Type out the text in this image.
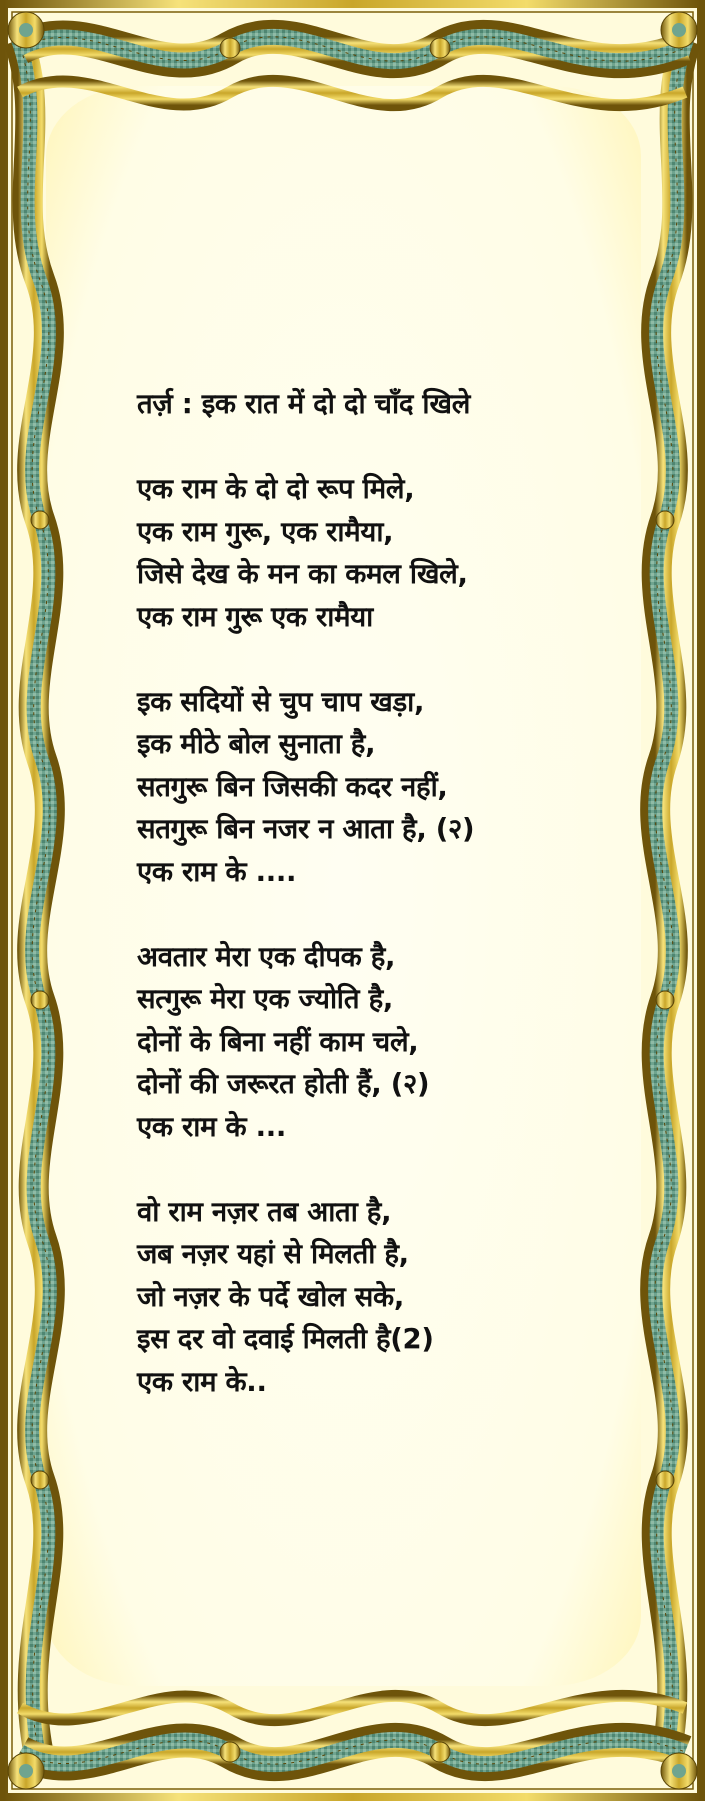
तर्ज़ : इक रात में दो दो चाँद खिले
एक राम के दो दो रूप मिले,
एक राम गुरू, एक रामैया,
जिसे देख के मन का कमल खिले,
एक राम गुरू एक रामैया
इक सदियों से चुप चाप खड़ा,
इक मीठे बोल सुनाता है,
सतगुरू बिन जिसकी कदर नहीं,
सतगुरू बिन नजर न आता है, (२)
एक राम के ....
अवतार मेरा एक दीपक है,
सत्गुरू मेरा एक ज्योति है,
दोनों के बिना नहीं काम चले,
दोनों की जरूरत होती हैं, (२)
एक राम के ...
वो राम नज़र तब आता है,
जब नज़र यहां से मिलती है,
जो नज़र के पर्दे खोल सके,
इस दर वो दवाई मिलती है(2)
एक राम के..
